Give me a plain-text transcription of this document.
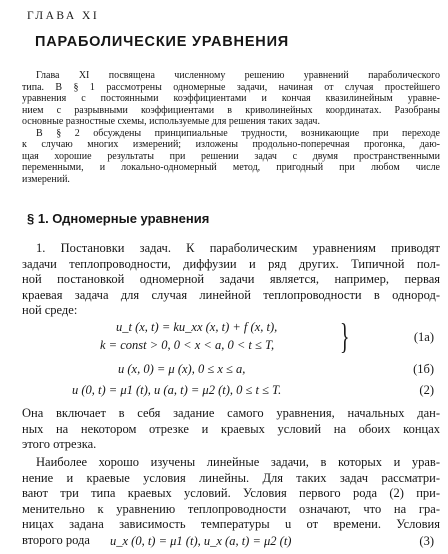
ГЛАВА XI
ПАРАБОЛИЧЕСКИЕ УРАВНЕНИЯ
Глава XI посвящена численному решению уравнений параболического
типа. В § 1 рассмотрены одномерные задачи, начиная от случая простейшего
уравнения с постоянными коэффициентами и кончая квазилинейным уравне-
нием с разрывными коэффициентами в криволинейных координатах. Разобраны
основные разностные схемы, используемые для решения таких задач.
В § 2 обсуждены принципиальные трудности, возникающие при переходе
к случаю многих измерений; изложены продольно-поперечная прогонка, даю-
щая хорошие результаты при решении задач с двумя пространственными
переменными, и локально-одномерный метод, пригодный при любом числе
измерений.
§ 1. Одномерные уравнения
1. Постановки задач. К параболическим уравнениям приводят
задачи теплопроводности, диффузии и ряд других. Типичной пол-
ной постановкой одномерной задачи является, например, первая
краевая задача для случая линейной теплопроводности в однород-
ной среде:
u_t (x, t) = ku_xx (x, t) + f (x, t),
k = const > 0, 0 < x < a, 0 < t ≤ T, }	(1а)
u (x, 0) = μ (x), 0 ≤ x ≤ a,	(1б)
u (0, t) = μ1 (t), u (a, t) = μ2 (t), 0 ≤ t ≤ T.	(2)
Она включает в себя задание самого уравнения, начальных дан-
ных на некотором отрезке и краевых условий на обоих концах
этого отрезка.
Наиболее хорошо изучены линейные задачи, в которых и урав-
нение и краевые условия линейны. Для таких задач рассматри-
вают три типа краевых условий. Условия первого рода (2) при-
менительно к уравнению теплопроводности означают, что на гра-
ницах задана зависимость температуры u от времени. Условия
второго рода	u_x (0, t) = μ1 (t), u_x (a, t) = μ2 (t)	(3)
